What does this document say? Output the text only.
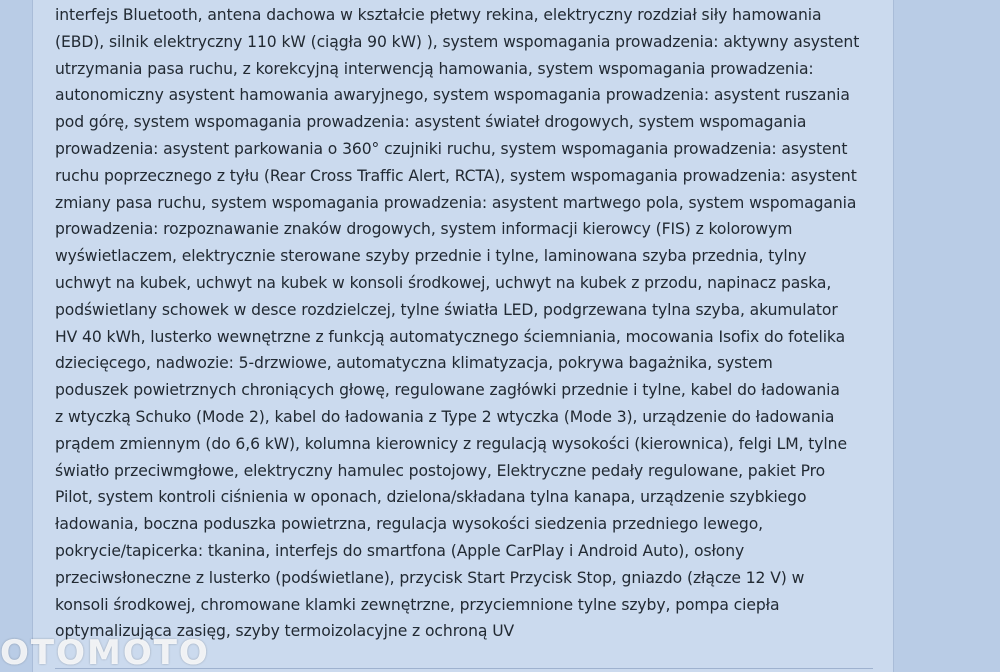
interfejs Bluetooth, antena dachowa w kształcie płetwy rekina, elektryczny rozdział siły hamowania
(EBD), silnik elektryczny 110 kW (ciągła 90 kW) ), system wspomagania prowadzenia: aktywny asystent
utrzymania pasa ruchu, z korekcyjną interwencją hamowania, system wspomagania prowadzenia:
autonomiczny asystent hamowania awaryjnego, system wspomagania prowadzenia: asystent ruszania
pod górę, system wspomagania prowadzenia: asystent świateł drogowych, system wspomagania
prowadzenia: asystent parkowania o 360° czujniki ruchu, system wspomagania prowadzenia: asystent
ruchu poprzecznego z tyłu (Rear Cross Traffic Alert, RCTA), system wspomagania prowadzenia: asystent
zmiany pasa ruchu, system wspomagania prowadzenia: asystent martwego pola, system wspomagania
prowadzenia: rozpoznawanie znaków drogowych, system informacji kierowcy (FIS) z kolorowym
wyświetlaczem, elektrycznie sterowane szyby przednie i tylne, laminowana szyba przednia, tylny
uchwyt na kubek, uchwyt na kubek w konsoli środkowej, uchwyt na kubek z przodu, napinacz paska,
podświetlany schowek w desce rozdzielczej, tylne światła LED, podgrzewana tylna szyba, akumulator
HV 40 kWh, lusterko wewnętrzne z funkcją automatycznego ściemniania, mocowania Isofix do fotelika
dziecięcego, nadwozie: 5-drzwiowe, automatyczna klimatyzacja, pokrywa bagażnika, system
poduszek powietrznych chroniących głowę, regulowane zagłówki przednie i tylne, kabel do ładowania
z wtyczką Schuko (Mode 2), kabel do ładowania z Type 2 wtyczka (Mode 3), urządzenie do ładowania
prądem zmiennym (do 6,6 kW), kolumna kierownicy z regulacją wysokości (kierownica), felgi LM, tylne
światło przeciwmgłowe, elektryczny hamulec postojowy, Elektryczne pedały regulowane, pakiet Pro
Pilot, system kontroli ciśnienia w oponach, dzielona/składana tylna kanapa, urządzenie szybkiego
ładowania, boczna poduszka powietrzna, regulacja wysokości siedzenia przedniego lewego,
pokrycie/tapicerka: tkanina, interfejs do smartfona (Apple CarPlay i Android Auto), osłony
przeciwsłoneczne z lusterko (podświetlane), przycisk Start Przycisk Stop, gniazdo (złącze 12 V) w
konsoli środkowej, chromowane klamki zewnętrzne, przyciemnione tylne szyby, pompa ciepła
optymalizująca zasięg, szyby termoizolacyjne z ochroną UV

OTOMOTO
